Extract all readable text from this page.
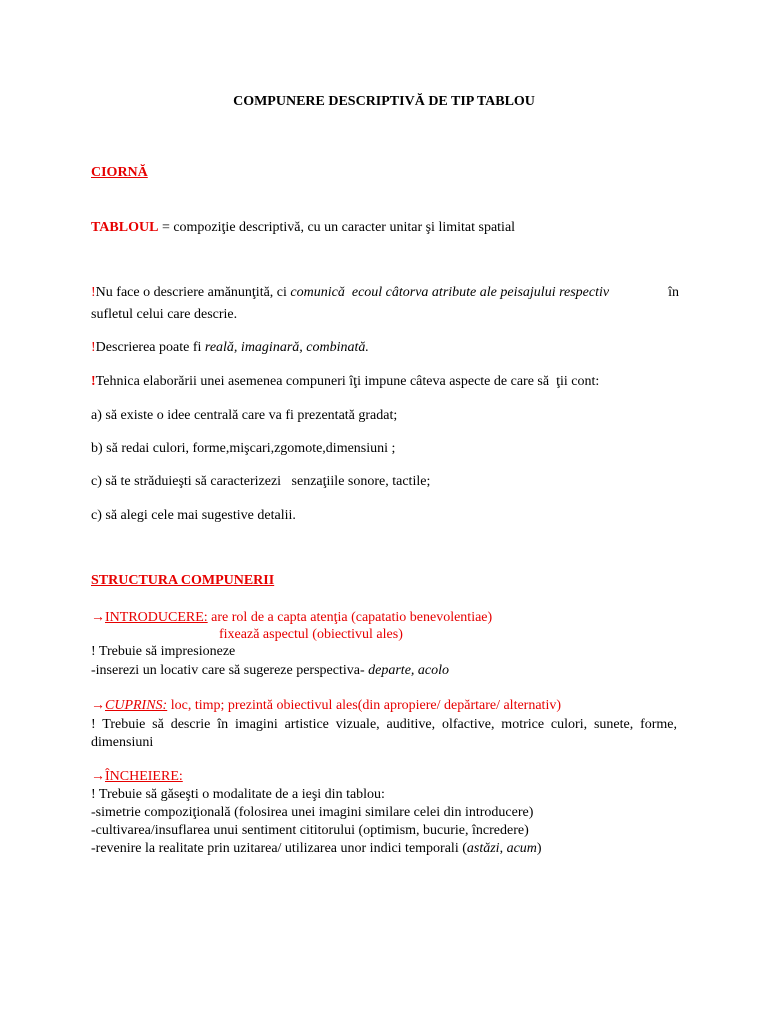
COMPUNERE DESCRIPTIVĂ DE TIP TABLOU
CIORNĂ
TABLOUL = compoziţie descriptivă, cu un caracter unitar şi limitat spatial
!Nu face o descriere amănunţită, ci comunică  ecoul câtorva atribute ale peisajului respectiv	în
sufletul celui care descrie.
!Descrierea poate fi reală, imaginară, combinată.
!Tehnica elaborării unei asemenea compuneri îţi impune câteva aspecte de care să  ţii cont:
a) să existe o idee centrală care va fi prezentată gradat;
b) să redai culori, forme,mişcari,zgomote,dimensiuni ;
c) să te străduieşti să caracterizezi   senzaţiile sonore, tactile;
c) să alegi cele mai sugestive detalii.
STRUCTURA COMPUNERII
→INTRODUCERE: are rol de a capta atenţia (capatatio benevolentiae)
fixează aspectul (obiectivul ales)
! Trebuie să impresioneze
-inserezi un locativ care să sugereze perspectiva- departe, acolo
→CUPRINS: loc, timp; prezintă obiectivul ales(din apropiere/ depărtare/ alternativ)
! Trebuie să descrie în imagini artistice vizuale, auditive, olfactive, motrice culori, sunete, forme,
dimensiuni
→ÎNCHEIERE:
! Trebuie să găseşti o modalitate de a ieşi din tablou:
-simetrie compoziţională (folosirea unei imagini similare celei din introducere)
-cultivarea/insuflarea unui sentiment cititorului (optimism, bucurie, încredere)
-revenire la realitate prin uzitarea/ utilizarea unor indici temporali (astăzi, acum)
